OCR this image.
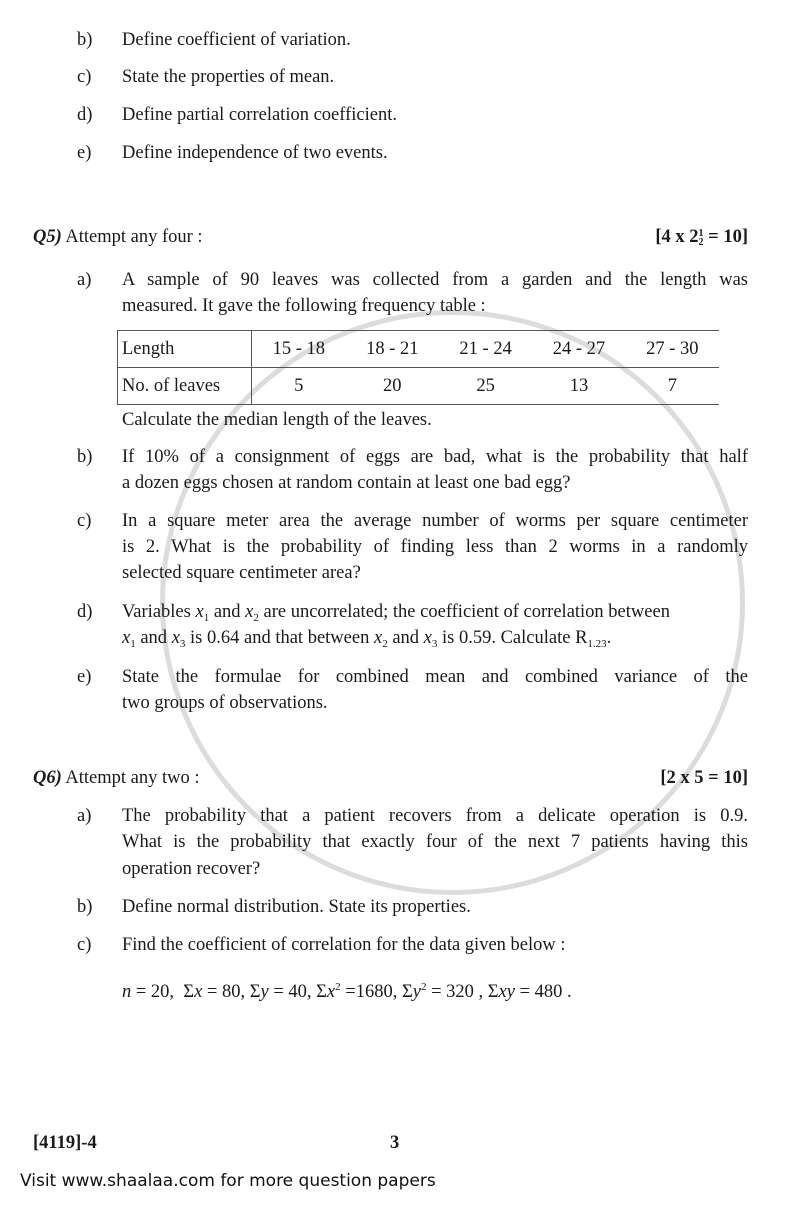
b) Define coefficient of variation.
c) State the properties of mean.
d) Define partial correlation coefficient.
e) Define independence of two events.
Q5) Attempt any four :	[4 x 2 1
2 = 10]
a) A sample of 90 leaves was collected from a garden and the length was
measured. It gave the following frequency table :
Length	15 - 18	18 - 21	21 - 24	24 - 27	27 - 30
No. of leaves	5	20	25	13	7
Calculate the median length of the leaves.
b) If 10% of a consignment of eggs are bad, what is the probability that half
a dozen eggs chosen at random contain at least one bad egg?
c) In a square meter area the average number of worms per square centimeter
is 2. What is the probability of finding less than 2 worms in a randomly
selected square centimeter area?
d) Variables $x_1$ and $x_2$ are uncorrelated; the coefficient of correlation between
$x_1$ and $x_3$ is 0.64 and that between $x_2$ and $x_3$ is 0.59. Calculate $R_{1.23}$.
e) State the formulae for combined mean and combined variance of the
two groups of observations.
Q6) Attempt any two :	[2 x 5 = 10]
a) The probability that a patient recovers from a delicate operation is 0.9.
What is the probability that exactly four of the next 7 patients having this
operation recover?
b) Define normal distribution. State its properties.
c) Find the coefficient of correlation for the data given below :
n = 20,  Σx = 80, Σy = 40, $\Sigma x^2 =1680$, $\Sigma y^2 = 320$ , Σxy = 480 .
[4119]-4	3
Visit www.shaalaa.com for more question papers
